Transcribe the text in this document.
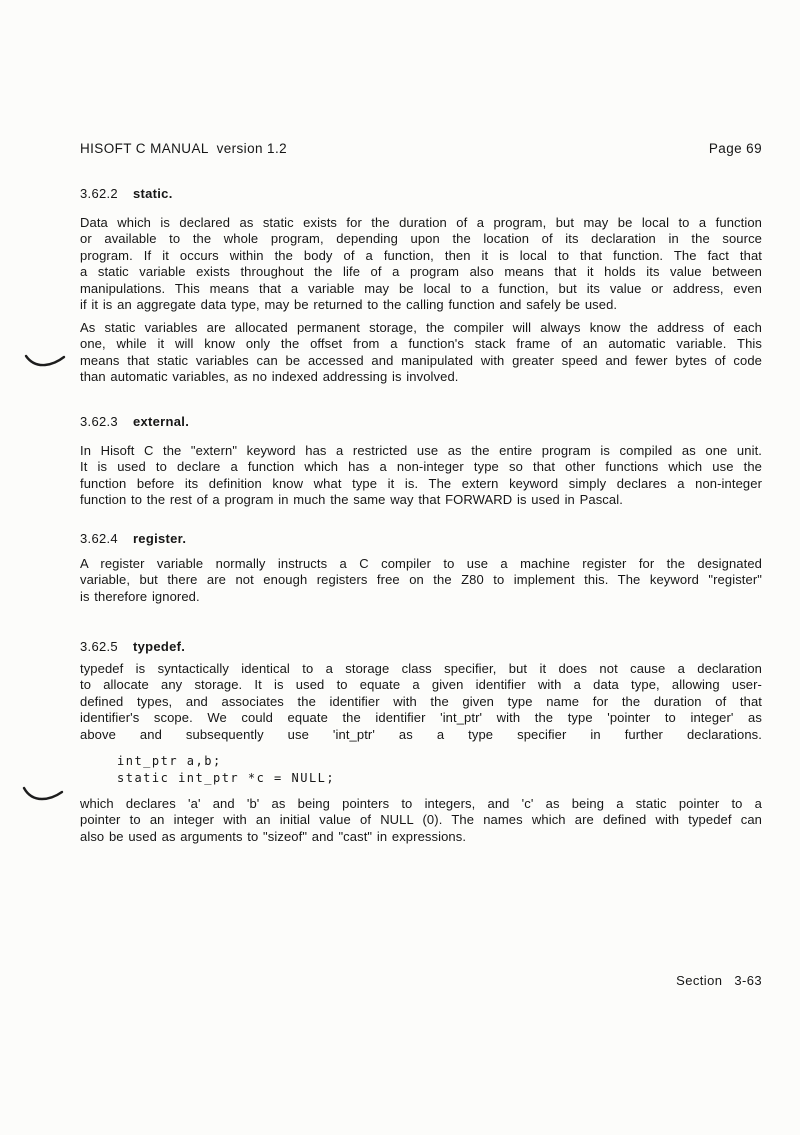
HISOFT C MANUAL  version 1.2	Page 69
3.62.2 static.
Data which is declared as static exists for the duration of a program, but may be local to a function
or available to the whole program, depending upon the location of its declaration in the source
program. If it occurs within the body of a function, then it is local to that function. The fact that
a static variable exists throughout the life of a program also means that it holds its value between
manipulations. This means that a variable may be local to a function, but its value or address, even
if it is an aggregate data type, may be returned to the calling function and safely be used.
As static variables are allocated permanent storage, the compiler will always know the address of each
one, while it will know only the offset from a function's stack frame of an automatic variable. This
means that static variables can be accessed and manipulated with greater speed and fewer bytes of code
than automatic variables, as no indexed addressing is involved.
3.62.3 external.
In Hisoft C the "extern" keyword has a restricted use as the entire program is compiled as one unit.
It is used to declare a function which has a non-integer type so that other functions which use the
function before its definition know what type it is. The extern keyword simply declares a non-integer
function to the rest of a program in much the same way that FORWARD is used in Pascal.
3.62.4 register.
A register variable normally instructs a C compiler to use a machine register for the designated
variable, but there are not enough registers free on the Z80 to implement this. The keyword "register"
is therefore ignored.
3.62.5 typedef.
typedef is syntactically identical to a storage class specifier, but it does not cause a declaration
to allocate any storage. It is used to equate a given identifier with a data type, allowing user-
defined types, and associates the identifier with the given type name for the duration of that
identifier's scope. We could equate the identifier 'int_ptr' with the type 'pointer to integer' as
above and subsequently use 'int_ptr' as a type specifier in further declarations.
int_ptr a,b;
static int_ptr *c = NULL;
which declares 'a' and 'b' as being pointers to integers, and 'c' as being a static pointer to a
pointer to an integer with an initial value of NULL (0). The names which are defined with typedef can
also be used as arguments to "sizeof" and "cast" in expressions.
Section   3-63
